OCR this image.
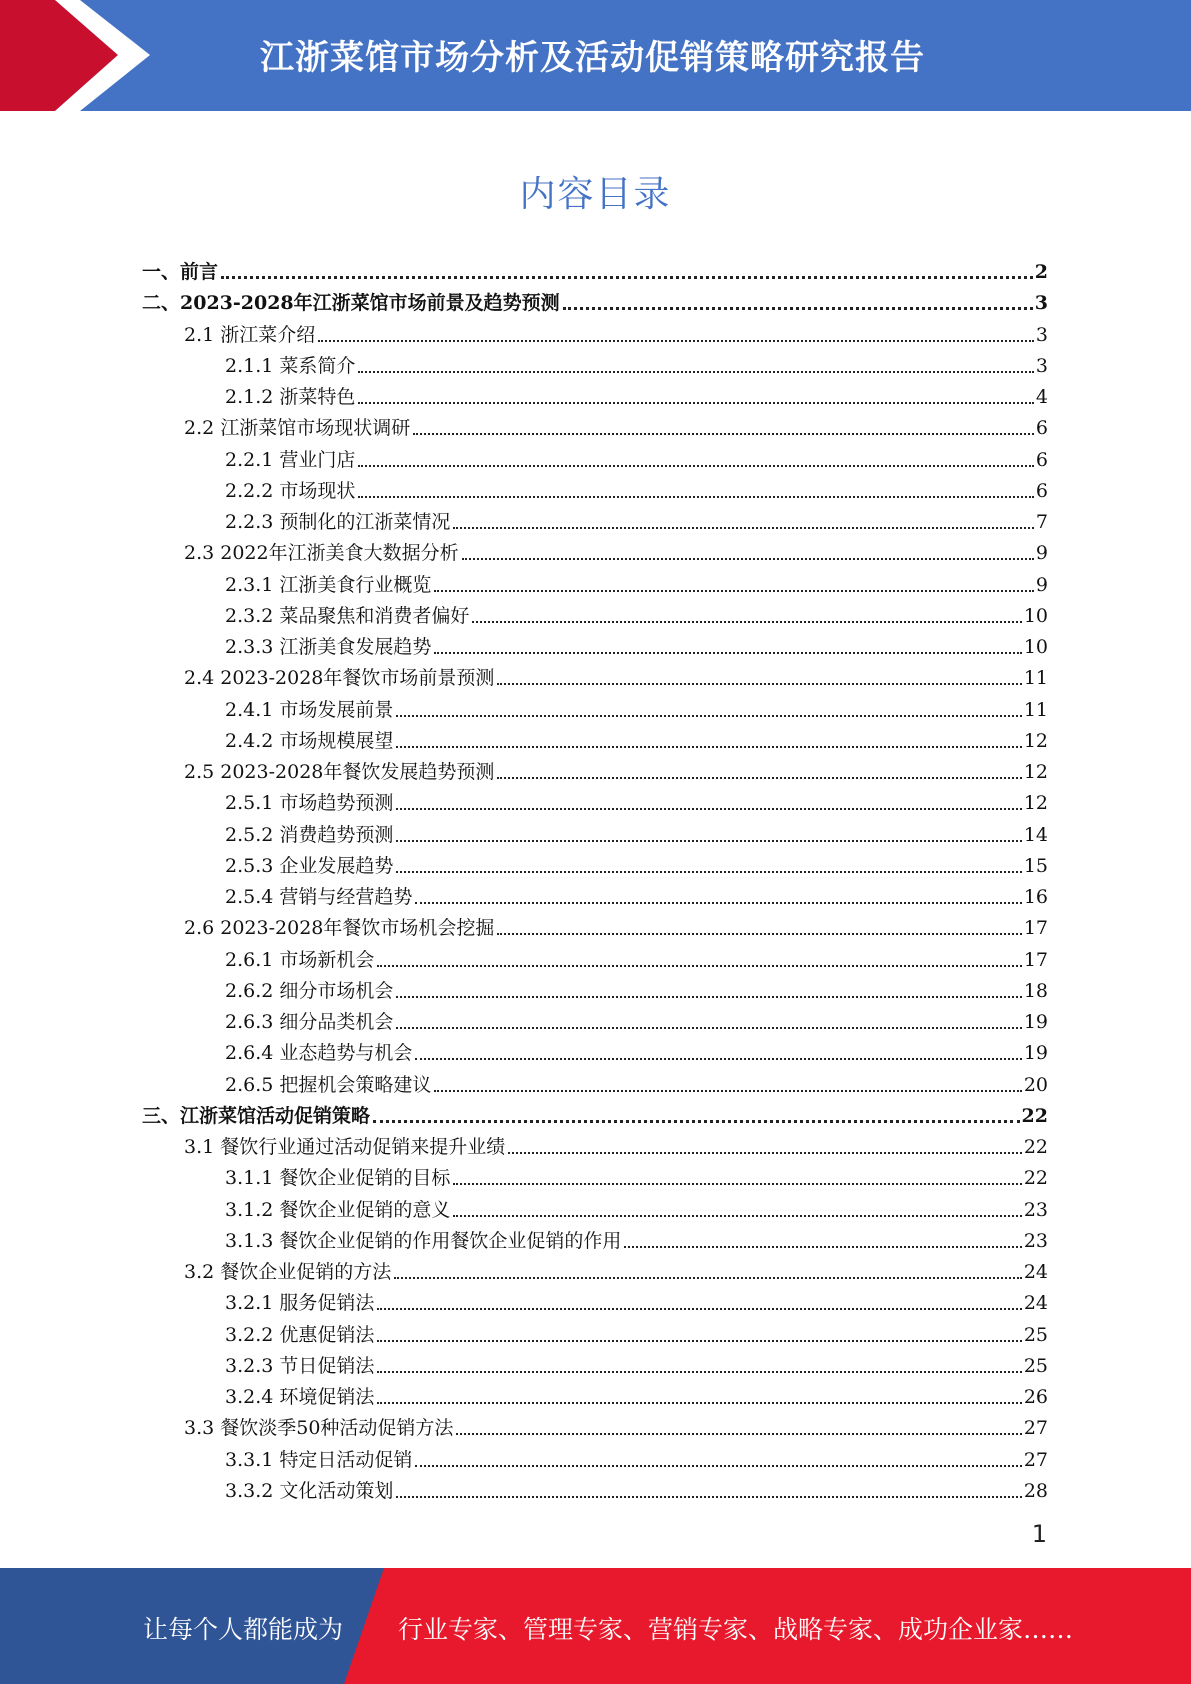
江浙菜馆市场分析及活动促销策略研究报告
内容目录
一、前言	2
二、2023-2028年江浙菜馆市场前景及趋势预测	3
2.1 浙江菜介绍	3
2.1.1 菜系简介	3
2.1.2 浙菜特色	4
2.2 江浙菜馆市场现状调研	6
2.2.1 营业门店	6
2.2.2 市场现状	6
2.2.3 预制化的江浙菜情况	7
2.3 2022年江浙美食大数据分析	9
2.3.1 江浙美食行业概览	9
2.3.2 菜品聚焦和消费者偏好	10
2.3.3 江浙美食发展趋势	10
2.4 2023-2028年餐饮市场前景预测	11
2.4.1 市场发展前景	11
2.4.2 市场规模展望	12
2.5 2023-2028年餐饮发展趋势预测	12
2.5.1 市场趋势预测	12
2.5.2 消费趋势预测	14
2.5.3 企业发展趋势	15
2.5.4 营销与经营趋势	16
2.6 2023-2028年餐饮市场机会挖掘	17
2.6.1 市场新机会	17
2.6.2 细分市场机会	18
2.6.3 细分品类机会	19
2.6.4 业态趋势与机会	19
2.6.5 把握机会策略建议	20
三、江浙菜馆活动促销策略	22
3.1 餐饮行业通过活动促销来提升业绩	22
3.1.1 餐饮企业促销的目标	22
3.1.2 餐饮企业促销的意义	23
3.1.3 餐饮企业促销的作用餐饮企业促销的作用	23
3.2 餐饮企业促销的方法	24
3.2.1 服务促销法	24
3.2.2 优惠促销法	25
3.2.3 节日促销法	25
3.2.4 环境促销法	26
3.3 餐饮淡季50种活动促销方法	27
3.3.1 特定日活动促销	27
3.3.2 文化活动策划	28
1
让每个人都能成为 行业专家、管理专家、营销专家、战略专家、成功企业家……
